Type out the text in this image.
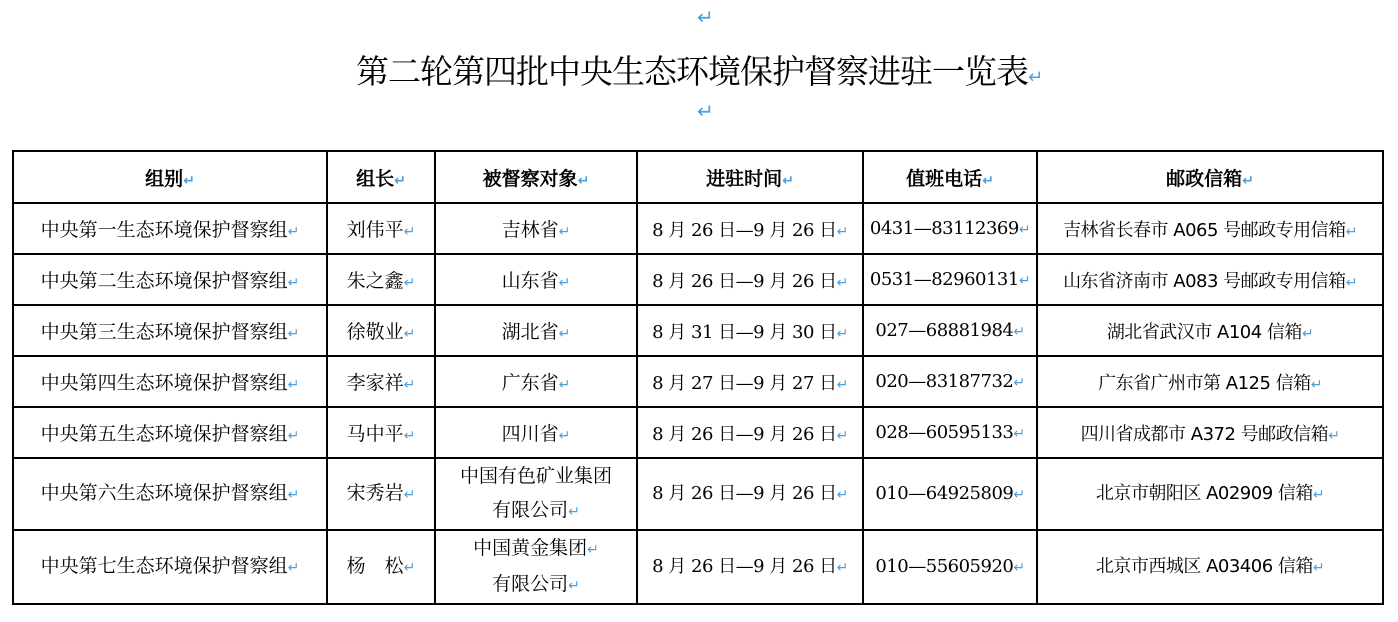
↵
第二轮第四批中央生态环境保护督察进驻一览表↵
↵
组别↵	组长↵	被督察对象↵	进驻时间↵	值班电话↵	邮政信箱↵
中央第一生态环境保护督察组↵	刘伟平↵	吉林省↵	8 月 26 日—9 月 26 日↵	0431—83112369↵	吉林省长春市 A065 号邮政专用信箱↵
中央第二生态环境保护督察组↵	朱之鑫↵	山东省↵	8 月 26 日—9 月 26 日↵	0531—82960131↵	山东省济南市 A083 号邮政专用信箱↵
中央第三生态环境保护督察组↵	徐敬业↵	湖北省↵	8 月 31 日—9 月 30 日↵	027—68881984↵	湖北省武汉市 A104 信箱↵
中央第四生态环境保护督察组↵	李家祥↵	广东省↵	8 月 27 日—9 月 27 日↵	020—83187732↵	广东省广州市第 A125 信箱↵
中央第五生态环境保护督察组↵	马中平↵	四川省↵	8 月 26 日—9 月 26 日↵	028—60595133↵	四川省成都市 A372 号邮政信箱↵
中央第六生态环境保护督察组↵	宋秀岩↵	中国有色矿业集团
有限公司↵	8 月 26 日—9 月 26 日↵	010—64925809↵	北京市朝阳区 A02909 信箱↵
中央第七生态环境保护督察组↵	杨　松↵	中国黄金集团↵
有限公司↵	8 月 26 日—9 月 26 日↵	010—55605920↵	北京市西城区 A03406 信箱↵
